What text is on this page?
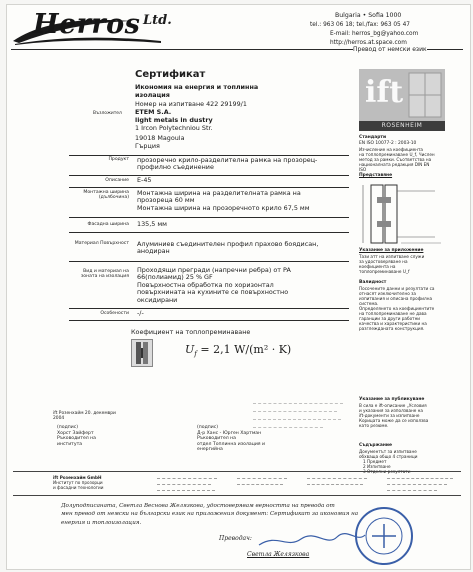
Herros Ltd.	Bulgaria • Sofia 1000
tel.: 963 06 18; tel./fax: 963 05 47
E-mail: herros_bg@yahoo.com
http://herros.at.space.com
Превод от немски език
Сертификат
Икономия на енергия и топлинна
изолация
Номер на изпитване 422 29199/1
Възложител ETEM S.A.
light metals in dustry
1 Ircon Polytechniou Str.
19018 Magoula
Гърция
Продукт прозоречно крило-разделителна рамка на прозорец-
профилно съединение
Описание Е-45
Монтажна ширина (дълбочина)
Монтажна ширина на разделителната рамка на
прозореца 60 мм
Монтажна ширина на прозоречното крило 67,5 мм
Фасадна ширина 135,5 мм
Материал Повърхност Алуминиев съединителен профил прахово боядисан,
анодиран
Вид и материал на зоната на изолация
Проходящи прегради (напречни ребра) от PA
66(полиамид) 25 % GF
Повърхностна обработка по хоризонтал
повърхнината на кухините се повърхностно
оксидирани
Особености -/-
Коефициент на топлопреминаване
$U_f = 2,1$ W/(m² · K)
ift
ROSENHEIM
Стандарти
EN ISO 10077-2 : 2003-10
Изчисление на коефициента
на топлопреминаване U_f, Числен
метод за рамки. Съответства на
националната редакция DIN EN
ISO
Представяне
Указание за приложение
Тази атт на изпитване служи
за удостоверяване на
коефициента на
топлопреминаване U_f
Валидност
Посочените данни и резултати са
отнасят изключително за
изпитвания и описана профилна
система.
Определянето на коефициентите
на топлопреминаване не дава
гаранции за други работни
качества и характеристики на
разглежданата конструкция.
Указание за публикуване
В сила е ift-описание „Условия
и указания за използване на
ift-документи за изпитване
Корицата може да се използва
като резюме.
Съдържание
Документът за изпитване
обхваща общо 4 страници
1 Предмет
2 Изпитване
ift Розенхайм 20. декември 2004
(подпис)
Хорст Зайферт
Ръководител на
института
(подпис)
Д-р Ханс - Юрген Хартман
Ръководител на
отдел Топлинна изолация и
енергийна
ift Розенхайм GmbH
Институт по прозорци
и фасадни технологии
Долуподписаната, Светла Веснова Желязкова, удостоверявам верността на превода от
мен превод от немски на български език на приложения документ: Сертификат за икономия на
енергия и топлоизолация.
Преводач:
Светла Желязкова
